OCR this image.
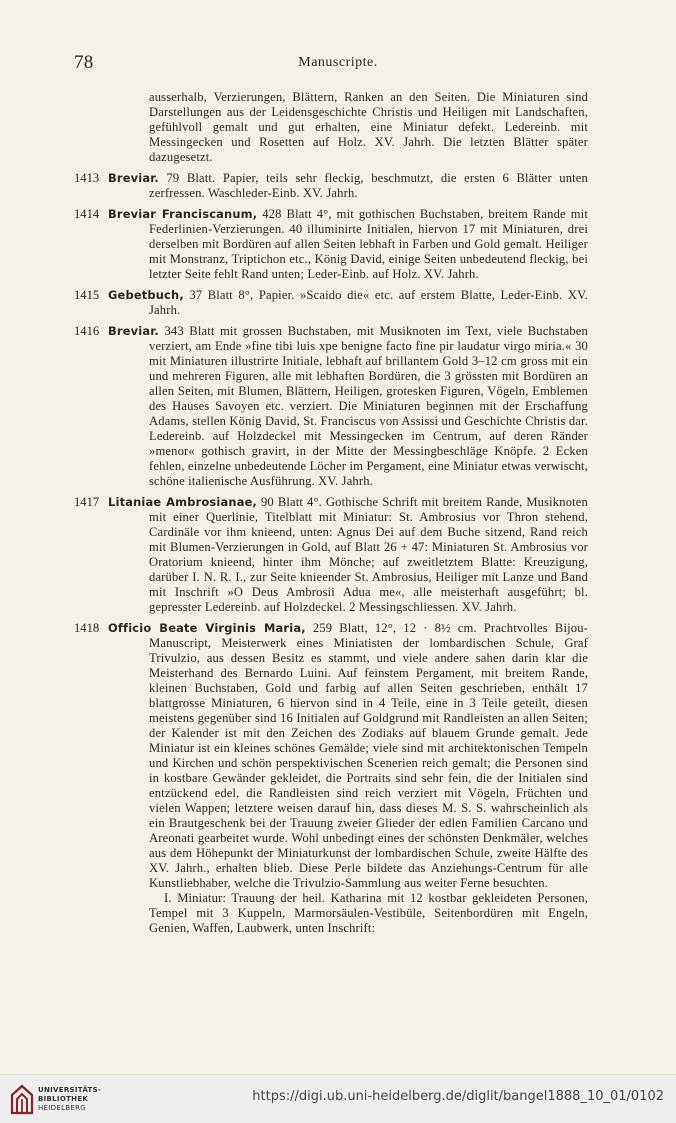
78	Manuscripte.

ausserhalb, Verzierungen, Blättern, Ranken an den Seiten. Die Miniaturen sind Darstellungen aus der Leidensgeschichte Christis und Heiligen mit Landschaften, gefühlvoll gemalt und gut erhalten, eine Miniatur defekt. Ledereinb. mit Messingecken und Rosetten auf Holz. XV. Jahrh. Die letzten Blätter später dazugesetzt.

1413 Breviar. 79 Blatt. Papier, teils sehr fleckig, beschmutzt, die ersten 6 Blätter unten zerfressen. Waschleder-Einb. XV. Jahrh.

1414 Breviar Franciscanum, 428 Blatt 4°, mit gothischen Buchstaben, breitem Rande mit Federlinien-Verzierungen. 40 illuminirte Initialen, hiervon 17 mit Miniaturen, drei derselben mit Bordüren auf allen Seiten lebhaft in Farben und Gold gemalt. Heiliger mit Monstranz, Triptichon etc., König David, einige Seiten unbedeutend fleckig, bei letzter Seite fehlt Rand unten; Leder-Einb. auf Holz. XV. Jahrh.

1415 Gebetbuch, 37 Blatt 8°, Papier. »Scaido die« etc. auf erstem Blatte, Leder-Einb. XV. Jahrh.

1416 Breviar. 343 Blatt mit grossen Buchstaben, mit Musiknoten im Text, viele Buchstaben verziert, am Ende »fine tibi luis xpe benigne facto fine pir laudatur virgo miria.« 30 mit Miniaturen illustrirte Initiale, lebhaft auf brillantem Gold 3–12 cm gross mit ein und mehreren Figuren, alle mit lebhaften Bordüren, die 3 grössten mit Bordüren an allen Seiten, mit Blumen, Blättern, Heiligen, grotesken Figuren, Vögeln, Emblemen des Hauses Savoyen etc. verziert. Die Miniaturen beginnen mit der Erschaffung Adams, stellen König David, St. Franciscus von Assissi und Geschichte Christis dar. Ledereinb. auf Holzdeckel mit Messingecken im Centrum, auf deren Ränder »menor« gothisch gravirt, in der Mitte der Messingbeschläge Knöpfe. 2 Ecken fehlen, einzelne unbedeutende Löcher im Pergament, eine Miniatur etwas verwischt, schöne italienische Ausführung. XV. Jahrh.

1417 Litaniae Ambrosianae, 90 Blatt 4°. Gothische Schrift mit breitem Rande, Musiknoten mit einer Querlinie, Titelblatt mit Miniatur: St. Ambrosius vor Thron stehend, Cardinäle vor ihm knieend, unten: Agnus Dei auf dem Buche sitzend, Rand reich mit Blumen-Verzierungen in Gold, auf Blatt 26 + 47: Miniaturen St. Ambrosius vor Oratorium knieend, hinter ihm Mönche; auf zweitletztem Blatte: Kreuzigung, darüber I. N. R. I., zur Seite knieender St. Ambrosius, Heiliger mit Lanze und Band mit Inschrift »O Deus Ambrosii Adua me«, alle meisterhaft ausgeführt; bl. gepresster Ledereinb. auf Holzdeckel. 2 Messingschliessen. XV. Jahrh.

1418 Officio Beate Virginis Maria, 259 Blatt, 12°, 12 · 8½ cm. Prachtvolles Bijou-Manuscript, Meisterwerk eines Miniatisten der lombardischen Schule, Graf Trivulzio, aus dessen Besitz es stammt, und viele andere sahen darin klar die Meisterhand des Bernardo Luini. Auf feinstem Pergament, mit breitem Rande, kleinen Buchstaben, Gold und farbig auf allen Seiten geschrieben, enthält 17 blattgrosse Miniaturen, 6 hiervon sind in 4 Teile, eine in 3 Teile geteilt, diesen meistens gegenüber sind 16 Initialen auf Goldgrund mit Randleisten an allen Seiten; der Kalender ist mit den Zeichen des Zodiaks auf blauem Grunde gemalt. Jede Miniatur ist ein kleines schönes Gemälde; viele sind mit architektonischen Tempeln und Kirchen und schön perspektivischen Scenerien reich gemalt; die Personen sind in kostbare Gewänder gekleidet, die Portraits sind sehr fein, die der Initialen sind entzückend edel, die Randleisten sind reich verziert mit Vögeln, Früchten und vielen Wappen; letztere weisen darauf hin, dass dieses M. S. S. wahrscheinlich als ein Brautgeschenk bei der Trauung zweier Glieder der edlen Familien Carcano und Areonati gearbeitet wurde. Wohl unbedingt eines der schönsten Denkmäler, welches aus dem Höhepunkt der Miniaturkunst der lombardischen Schule, zweite Hälfte des XV. Jahrh., erhalten blieb. Diese Perle bildete das Anziehungs-Centrum für alle Kunstliebhaber, welche die Trivulzio-Sammlung aus weiter Ferne besuchten.

I. Miniatur: Trauung der heil. Katharina mit 12 kostbar gekleideten Personen, Tempel mit 3 Kuppeln, Marmorsäulen-Vestibüle, Seitenbordüren mit Engeln, Genien, Waffen, Laubwerk, unten Inschrift:

UNIVERSITÄTS-
BIBLIOTHEK
HEIDELBERG
https://digi.ub.uni-heidelberg.de/diglit/bangel1888_10_01/0102
